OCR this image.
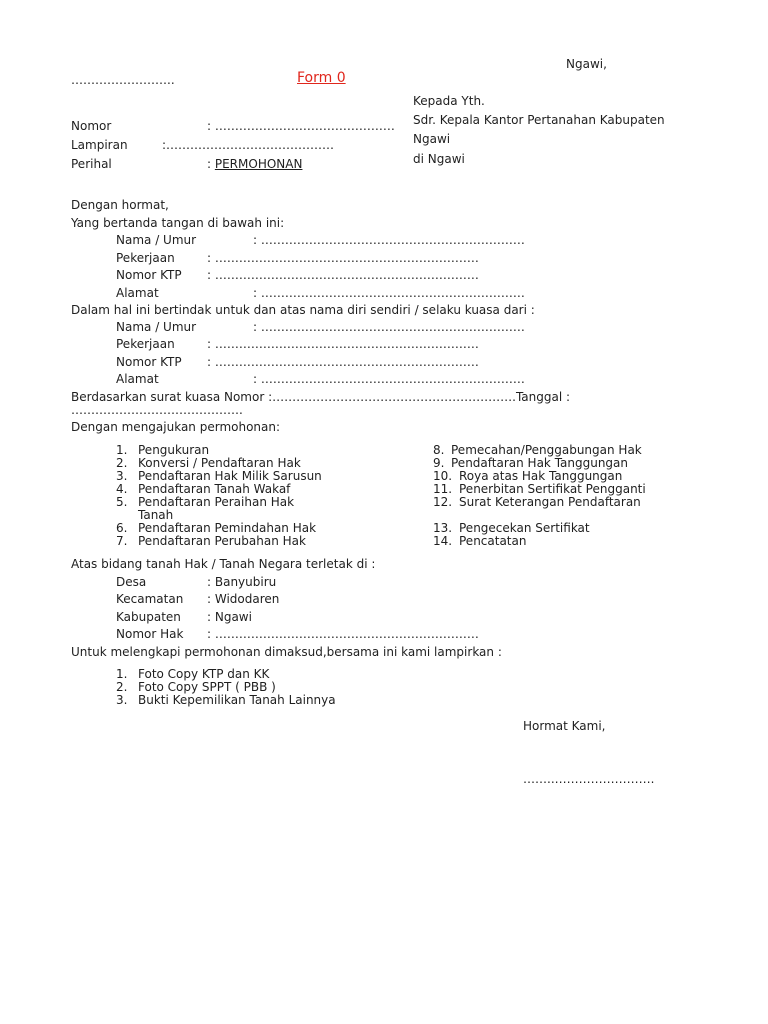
Ngawi,
……………………..	Form 0
Kepada Yth.
Sdr. Kepala Kantor Pertanahan Kabupaten
Ngawi
di Ngawi
Nomor	: ………………………………………
Lampiran	:……………………………………
Perihal	: PERMOHONAN
Dengan hormat,
Yang bertanda tangan di bawah ini:
Nama / Umur	: …………………………………………………………
Pekerjaan	: …………………………………………………………
Nomor KTP : …………………………………………………………
Alamat	: …………………………………………………………
Dalam hal ini bertindak untuk dan atas nama diri sendiri / selaku kuasa dari :
Nama / Umur	: …………………………………………………………
Pekerjaan	: …………………………………………………………
Nomor KTP : …………………………………………………………
Alamat	: …………………………………………………………
Berdasarkan surat kuasa Nomor :…………………………………………………….Tanggal :
…………………………………….
Dengan mengajukan permohonan:
1. Pengukuran
2. Konversi / Pendaftaran Hak
3. Pendaftaran Hak Milik Sarusun
4. Pendaftaran Tanah Wakaf
5. Pendaftaran Peraihan Hak Tanah
6. Pendaftaran Pemindahan Hak
7. Pendaftaran Perubahan Hak
8. Pemecahan/Penggabungan Hak
9. Pendaftaran Hak Tanggungan
10. Roya atas Hak Tanggungan
11. Penerbitan Sertifikat Pengganti
12. Surat Keterangan Pendaftaran
13. Pengecekan Sertifikat
14. Pencatatan
Atas bidang tanah Hak / Tanah Negara terletak di :
Desa	: Banyubiru
Kecamatan : Widodaren
Kabupaten : Ngawi
Nomor Hak : …………………………………………………………
Untuk melengkapi permohonan dimaksud,bersama ini kami lampirkan :
1. Foto Copy KTP dan KK
2. Foto Copy SPPT ( PBB )
3. Bukti Kepemilikan Tanah Lainnya
Hormat Kami,
……..…………………….
